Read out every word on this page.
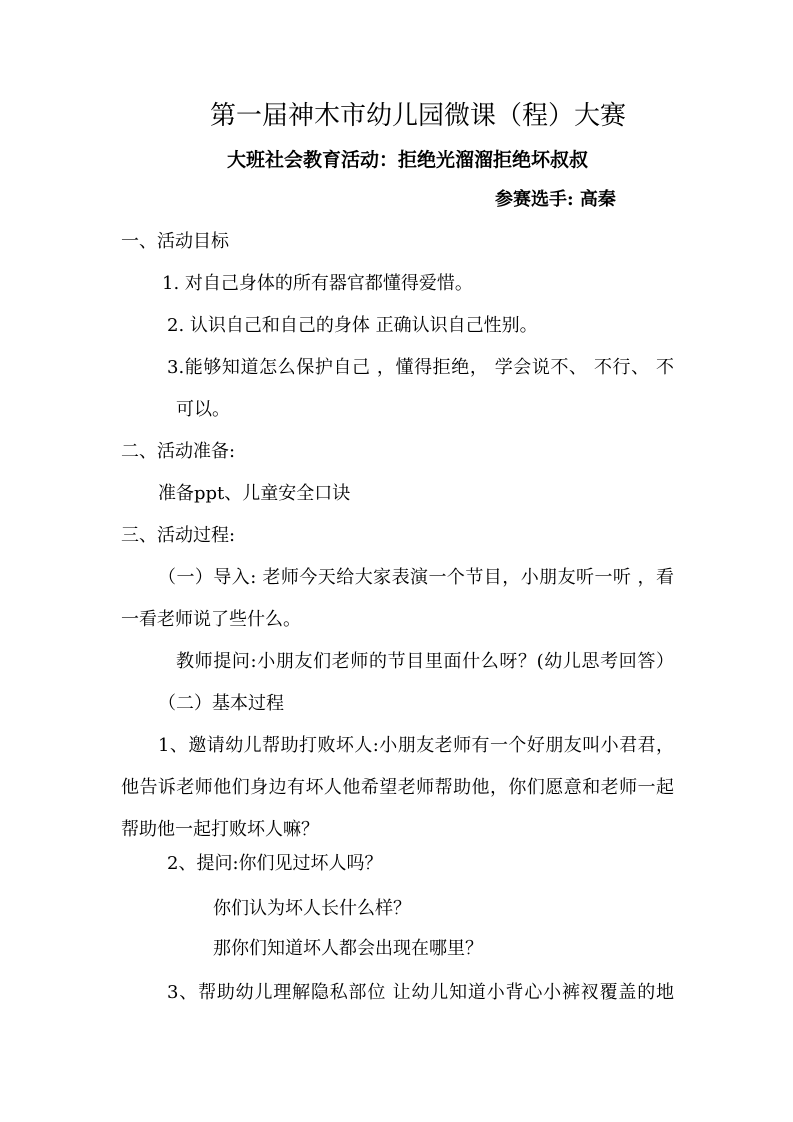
第一届神木市幼儿园微课（程）大赛
大班社会教育活动：拒绝光溜溜拒绝坏叔叔
参赛选手: 高秦
一、活动目标
1. 对自己身体的所有器官都懂得爱惜。
2. 认识自己和自己的身体 正确认识自己性别。
3.能够知道怎么保护自己 ，懂得拒绝， 学会说不、 不行、 不
可以。
二、活动准备:
准备ppt、儿童安全口诀
三、活动过程:
（一）导入: 老师今天给大家表演一个节目，小朋友听一听 ，看
一看老师说了些什么。
教师提问:小朋友们老师的节目里面什么呀？(幼儿思考回答）
（二）基本过程
1、邀请幼儿帮助打败坏人:小朋友老师有一个好朋友叫小君君，
他告诉老师他们身边有坏人他希望老师帮助他，你们愿意和老师一起
帮助他一起打败坏人嘛？
2、提问:你们见过坏人吗？
你们认为坏人长什么样？
那你们知道坏人都会出现在哪里？
3、帮助幼儿理解隐私部位 让幼儿知道小背心小裤衩覆盖的地
